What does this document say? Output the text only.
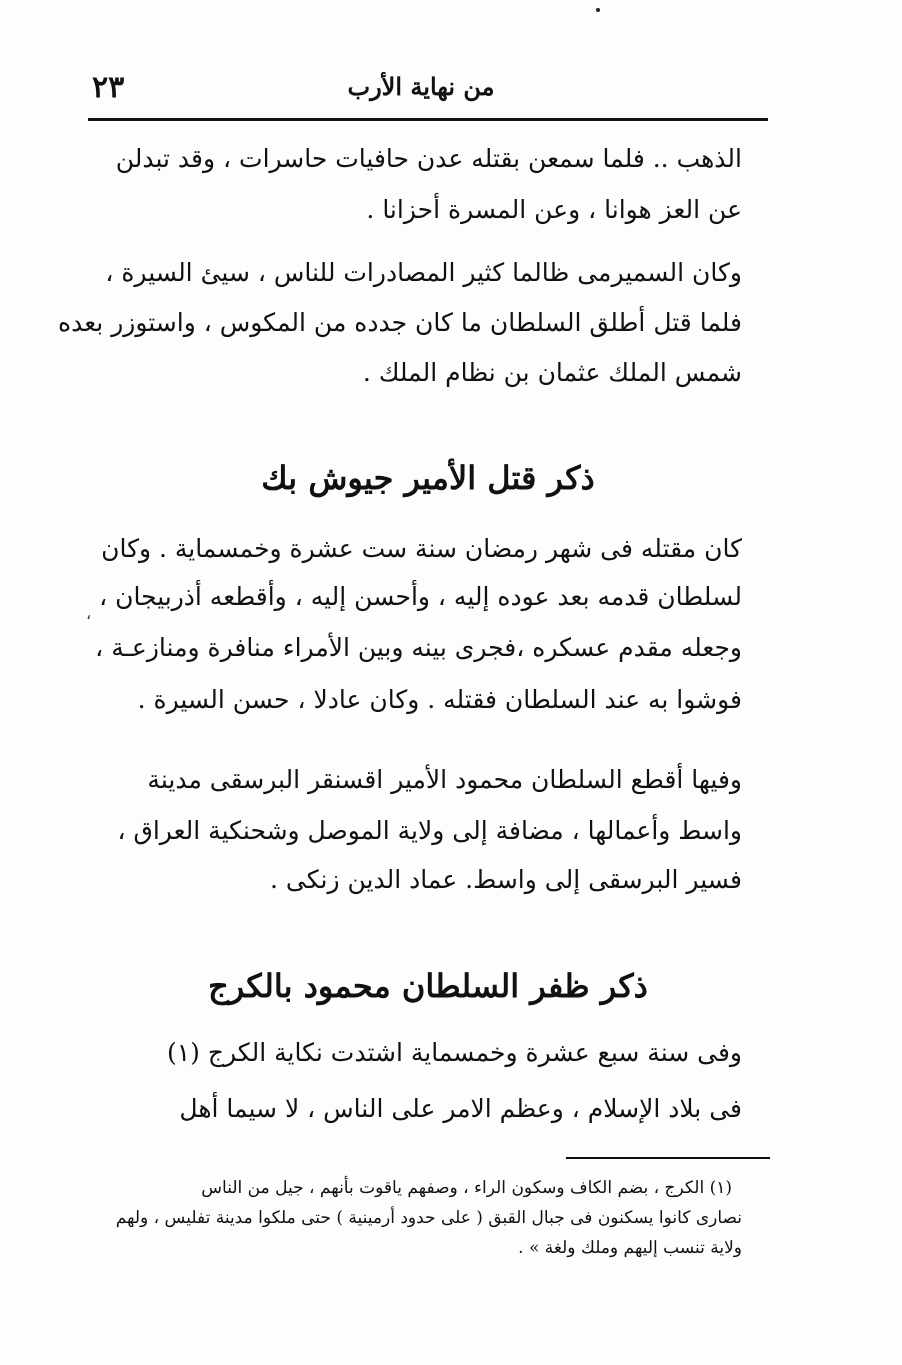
من نهاية الأرب
٢٣
الذهب .. فلما سمعن بقتله عدن حافيات حاسرات ، وقد تبدلن
عن العز هوانا ، وعن المسرة أحزانا .
وكان السميرمى ظالما كثير المصادرات للناس ، سيئ السيرة ،
فلما قتل أطلق السلطان ما كان جدده من المكوس ، واستوزر بعده
شمس الملك عثمان بن نظام الملك .
ذكر قتل الأمير جيوش بك
كان مقتله فى شهر رمضان سنة ست عشرة وخمسماية . وكان
لسلطان قدمه بعد عوده إليه ، وأحسن إليه ، وأقطعه أذربيجان ،
وجعله مقدم عسكره ،فجرى بينه وبين الأمراء منافرة ومنازعـة ،
فوشوا به عند السلطان فقتله . وكان عادلا ، حسن السيرة .
،
وفيها أقطع السلطان محمود الأمير اقسنقر البرسقى مدينة
واسط وأعمالها ، مضافة إلى ولاية الموصل وشحنكية العراق ،
فسير البرسقى إلى واسط. عماد الدين زنكى .
ذكر ظفر السلطان محمود بالكرج
وفى سنة سبع عشرة وخمسماية اشتدت نكاية الكرج (١)
فى بلاد الإسلام ، وعظم الامر على الناس ، لا سيما أهل
(١) الكرج ، بضم الكاف وسكون الراء ، وصفهم ياقوت بأنهم ، جيل من الناس
نصارى كانوا يسكنون فى جبال القبق ( على حدود أرمينية ) حتى ملكوا مدينة تفليس ، ولهم
ولاية تنسب إليهم وملك ولغة » .
